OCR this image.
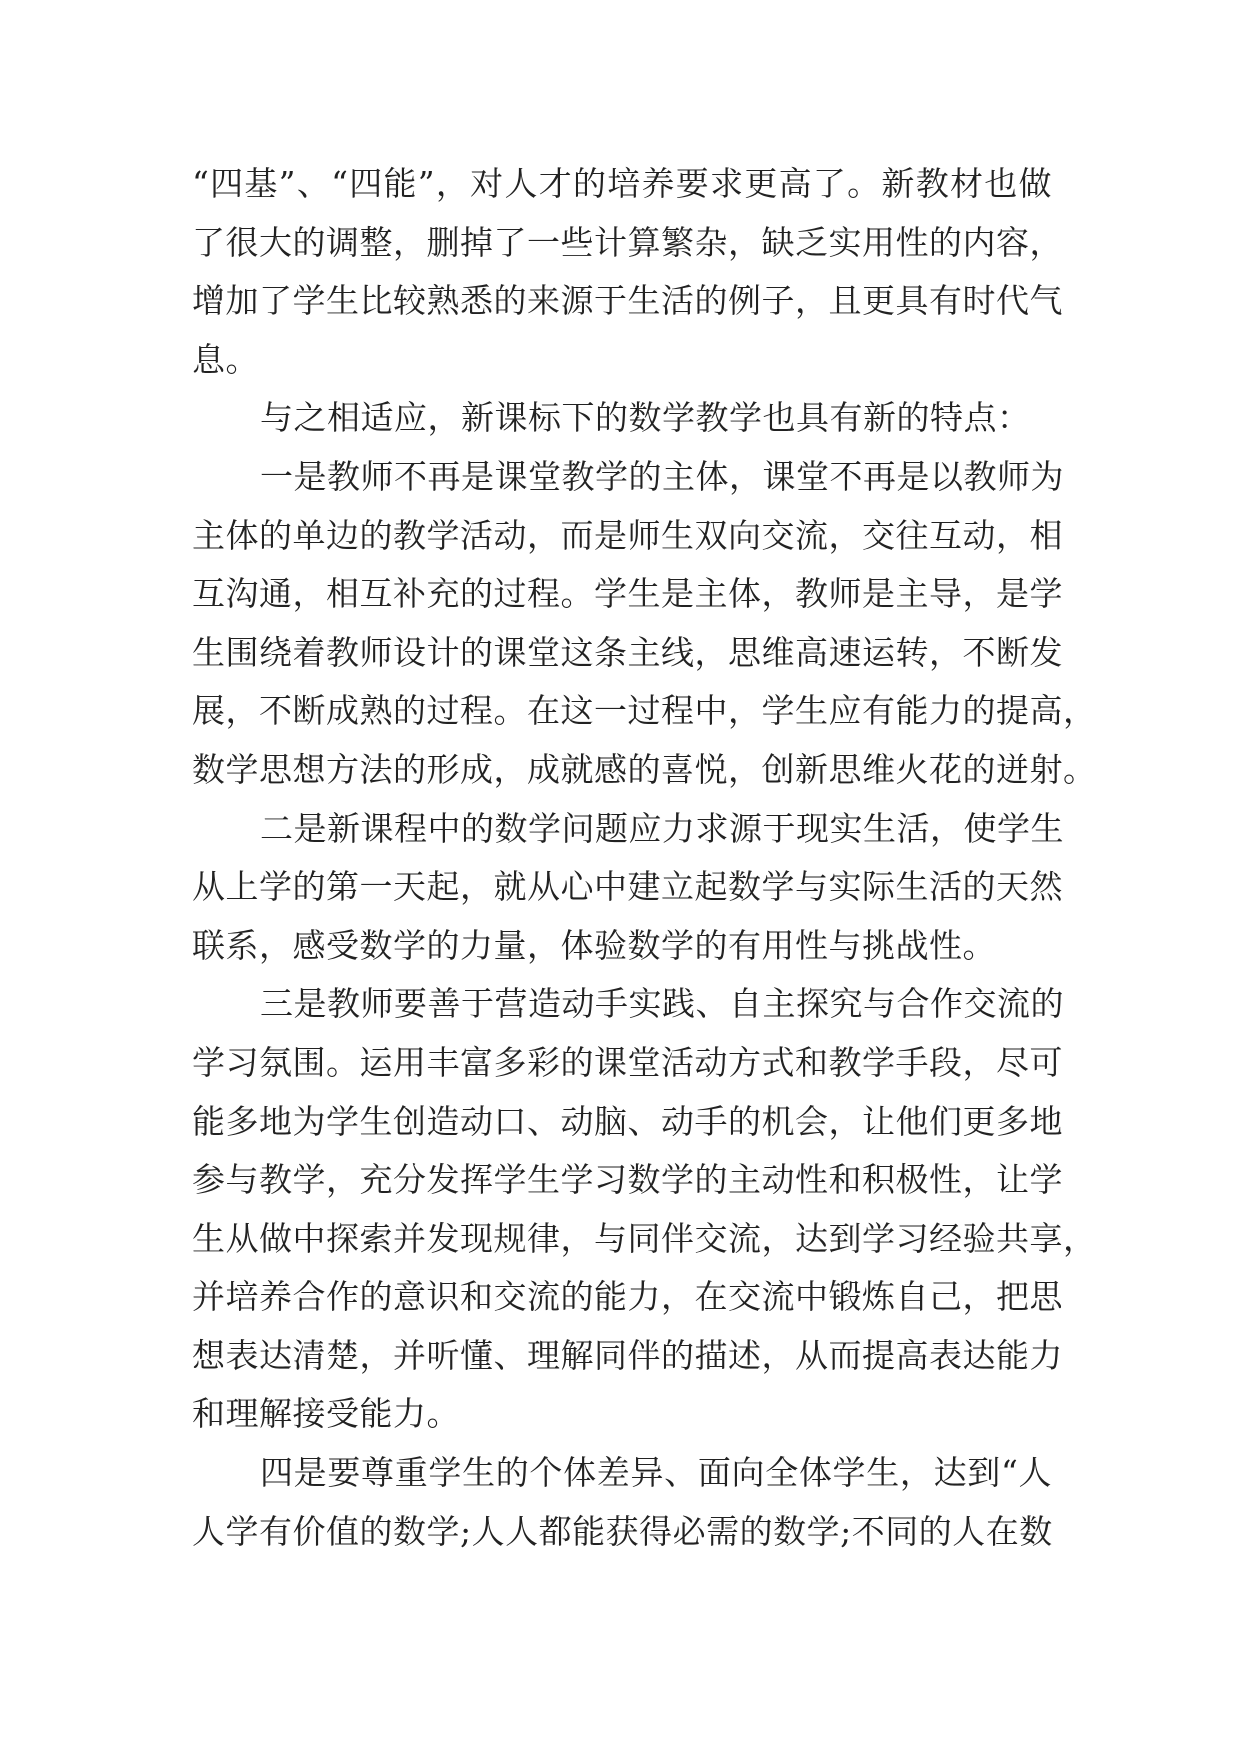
“四基”、“四能”，对人才的培养要求更高了。新教材也做
了很大的调整，删掉了一些计算繁杂，缺乏实用性的内容，
增加了学生比较熟悉的来源于生活的例子，且更具有时代气
息。
与之相适应，新课标下的数学教学也具有新的特点：
一是教师不再是课堂教学的主体，课堂不再是以教师为
主体的单边的教学活动，而是师生双向交流，交往互动，相
互沟通，相互补充的过程。学生是主体，教师是主导，是学
生围绕着教师设计的课堂这条主线，思维高速运转，不断发
展，不断成熟的过程。在这一过程中，学生应有能力的提高，
数学思想方法的形成，成就感的喜悦，创新思维火花的迸射。
二是新课程中的数学问题应力求源于现实生活，使学生
从上学的第一天起，就从心中建立起数学与实际生活的天然
联系，感受数学的力量，体验数学的有用性与挑战性。
三是教师要善于营造动手实践、自主探究与合作交流的
学习氛围。运用丰富多彩的课堂活动方式和教学手段，尽可
能多地为学生创造动口、动脑、动手的机会，让他们更多地
参与教学，充分发挥学生学习数学的主动性和积极性，让学
生从做中探索并发现规律，与同伴交流，达到学习经验共享，
并培养合作的意识和交流的能力，在交流中锻炼自己，把思
想表达清楚，并听懂、理解同伴的描述，从而提高表达能力
和理解接受能力。
四是要尊重学生的个体差异、面向全体学生，达到“人
人学有价值的数学;人人都能获得必需的数学;不同的人在数
